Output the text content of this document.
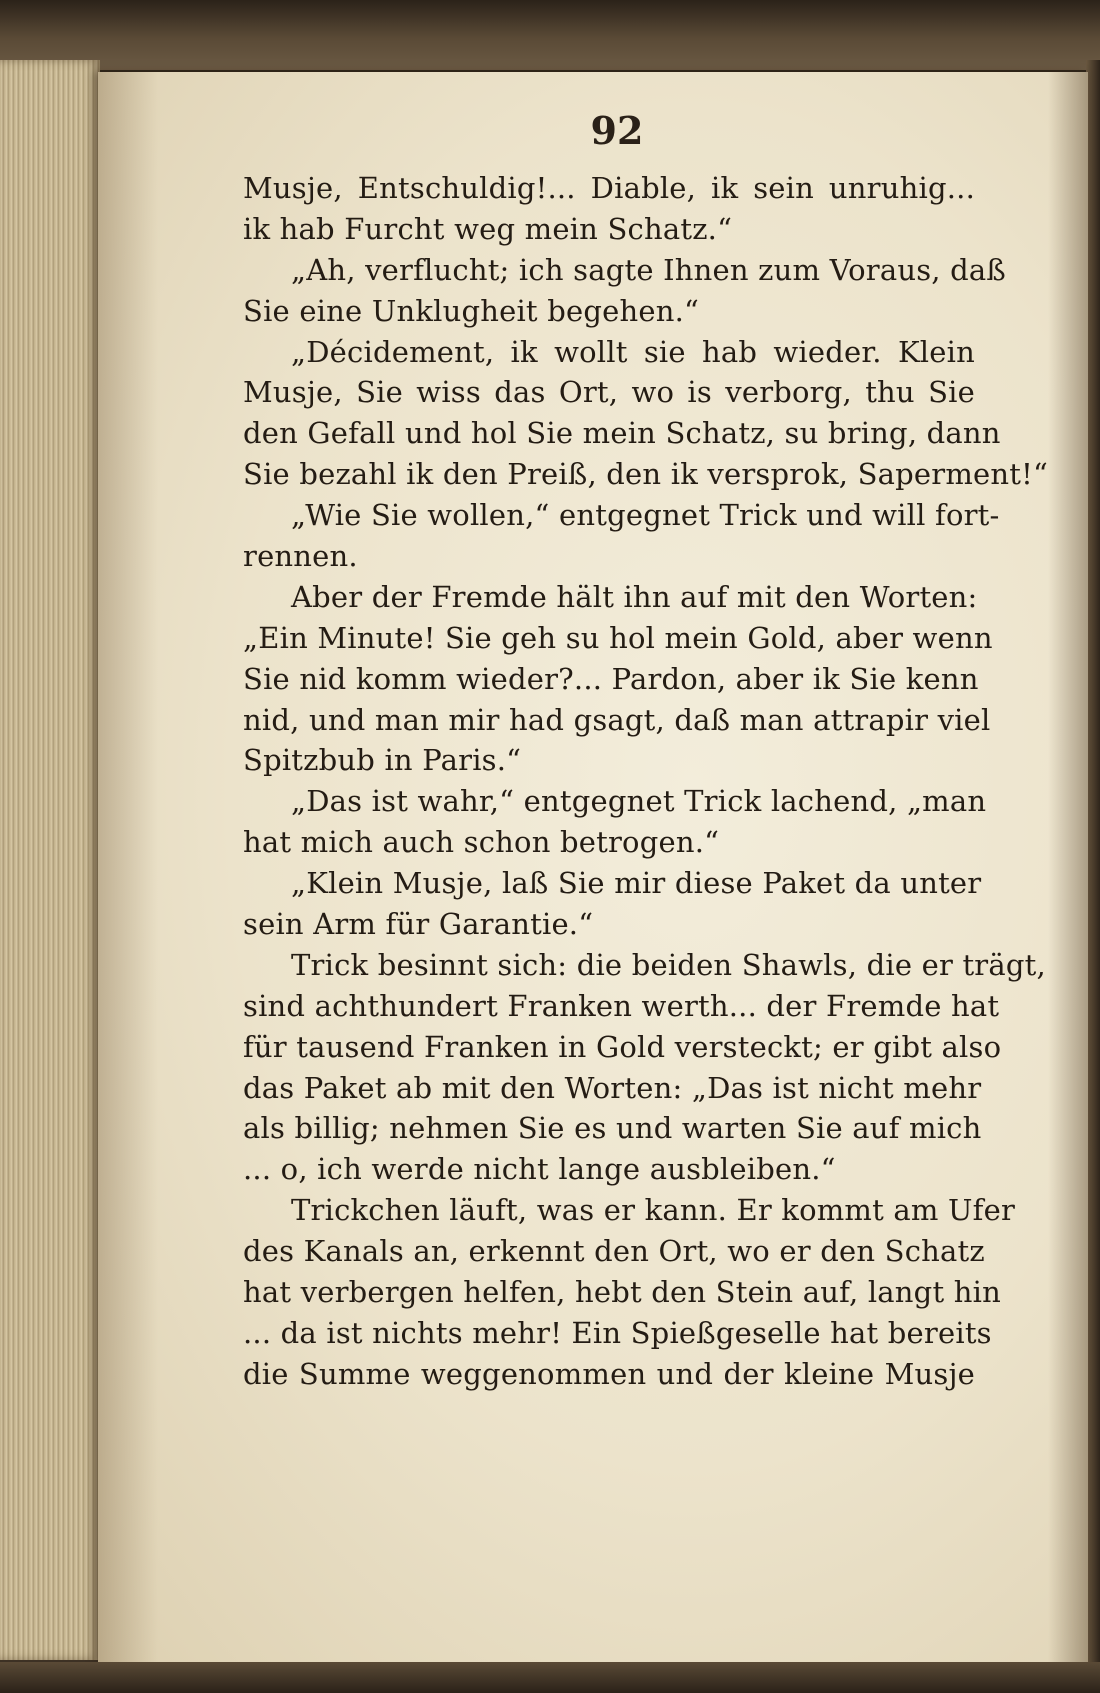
92
Musje, Entschuldig!... Diable, ik sein unruhig...
ik hab Furcht weg mein Schatz.“
„Ah, verflucht; ich sagte Ihnen zum Voraus, daß
Sie eine Unklugheit begehen.“
„Décidement, ik wollt sie hab wieder. Klein
Musje, Sie wiss das Ort, wo is verborg, thu Sie
den Gefall und hol Sie mein Schatz, su bring, dann
Sie bezahl ik den Preiß, den ik versprok, Saperment!“
„Wie Sie wollen,“ entgegnet Trick und will fort-
rennen.
Aber der Fremde hält ihn auf mit den Worten:
„Ein Minute! Sie geh su hol mein Gold, aber wenn
Sie nid komm wieder?... Pardon, aber ik Sie kenn
nid, und man mir had gsagt, daß man attrapir viel
Spitzbub in Paris.“
„Das ist wahr,“ entgegnet Trick lachend, „man
hat mich auch schon betrogen.“
„Klein Musje, laß Sie mir diese Paket da unter
sein Arm für Garantie.“
Trick besinnt sich: die beiden Shawls, die er trägt,
sind achthundert Franken werth... der Fremde hat
für tausend Franken in Gold versteckt; er gibt also
das Paket ab mit den Worten: „Das ist nicht mehr
als billig; nehmen Sie es und warten Sie auf mich
... o, ich werde nicht lange ausbleiben.“
Trickchen läuft, was er kann. Er kommt am Ufer
des Kanals an, erkennt den Ort, wo er den Schatz
hat verbergen helfen, hebt den Stein auf, langt hin
... da ist nichts mehr! Ein Spießgeselle hat bereits
die Summe weggenommen und der kleine Musje
